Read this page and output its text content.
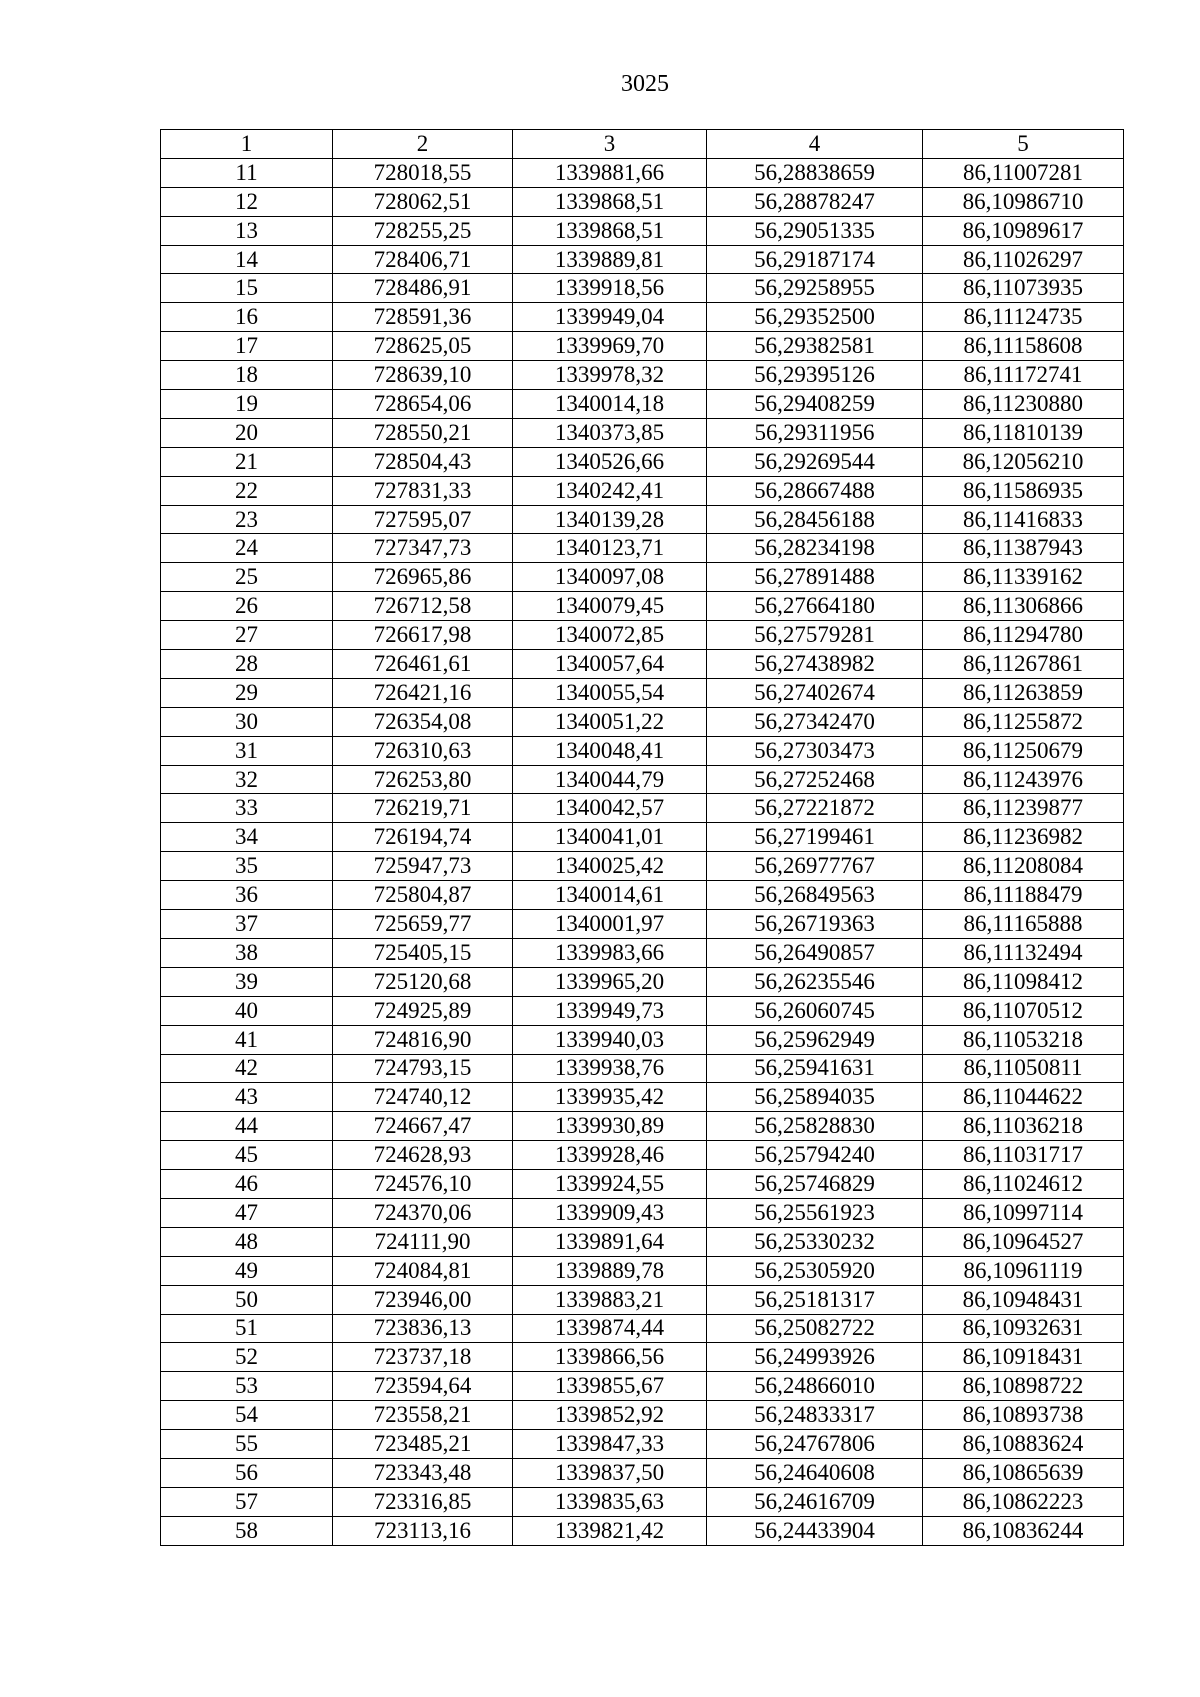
3025
1	2	3	4	5
11	728018,55	1339881,66	56,28838659	86,11007281
12	728062,51	1339868,51	56,28878247	86,10986710
13	728255,25	1339868,51	56,29051335	86,10989617
14	728406,71	1339889,81	56,29187174	86,11026297
15	728486,91	1339918,56	56,29258955	86,11073935
16	728591,36	1339949,04	56,29352500	86,11124735
17	728625,05	1339969,70	56,29382581	86,11158608
18	728639,10	1339978,32	56,29395126	86,11172741
19	728654,06	1340014,18	56,29408259	86,11230880
20	728550,21	1340373,85	56,29311956	86,11810139
21	728504,43	1340526,66	56,29269544	86,12056210
22	727831,33	1340242,41	56,28667488	86,11586935
23	727595,07	1340139,28	56,28456188	86,11416833
24	727347,73	1340123,71	56,28234198	86,11387943
25	726965,86	1340097,08	56,27891488	86,11339162
26	726712,58	1340079,45	56,27664180	86,11306866
27	726617,98	1340072,85	56,27579281	86,11294780
28	726461,61	1340057,64	56,27438982	86,11267861
29	726421,16	1340055,54	56,27402674	86,11263859
30	726354,08	1340051,22	56,27342470	86,11255872
31	726310,63	1340048,41	56,27303473	86,11250679
32	726253,80	1340044,79	56,27252468	86,11243976
33	726219,71	1340042,57	56,27221872	86,11239877
34	726194,74	1340041,01	56,27199461	86,11236982
35	725947,73	1340025,42	56,26977767	86,11208084
36	725804,87	1340014,61	56,26849563	86,11188479
37	725659,77	1340001,97	56,26719363	86,11165888
38	725405,15	1339983,66	56,26490857	86,11132494
39	725120,68	1339965,20	56,26235546	86,11098412
40	724925,89	1339949,73	56,26060745	86,11070512
41	724816,90	1339940,03	56,25962949	86,11053218
42	724793,15	1339938,76	56,25941631	86,11050811
43	724740,12	1339935,42	56,25894035	86,11044622
44	724667,47	1339930,89	56,25828830	86,11036218
45	724628,93	1339928,46	56,25794240	86,11031717
46	724576,10	1339924,55	56,25746829	86,11024612
47	724370,06	1339909,43	56,25561923	86,10997114
48	724111,90	1339891,64	56,25330232	86,10964527
49	724084,81	1339889,78	56,25305920	86,10961119
50	723946,00	1339883,21	56,25181317	86,10948431
51	723836,13	1339874,44	56,25082722	86,10932631
52	723737,18	1339866,56	56,24993926	86,10918431
53	723594,64	1339855,67	56,24866010	86,10898722
54	723558,21	1339852,92	56,24833317	86,10893738
55	723485,21	1339847,33	56,24767806	86,10883624
56	723343,48	1339837,50	56,24640608	86,10865639
57	723316,85	1339835,63	56,24616709	86,10862223
58	723113,16	1339821,42	56,24433904	86,10836244
